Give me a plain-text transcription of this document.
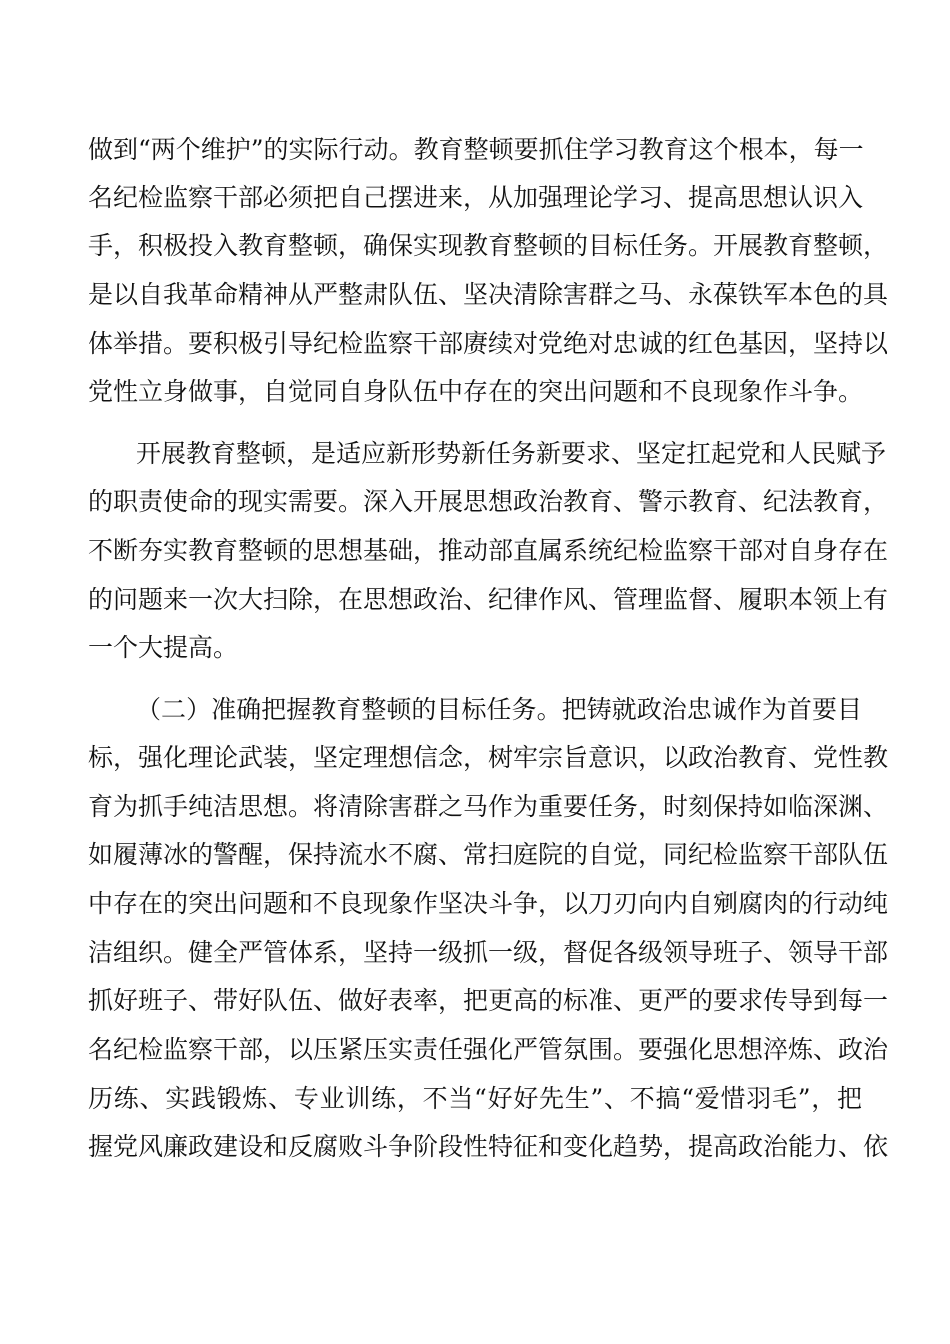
做到“两个维护”的实际行动。教育整顿要抓住学习教育这个根本，每一
名纪检监察干部必须把自己摆进来，从加强理论学习、提高思想认识入
手，积极投入教育整顿，确保实现教育整顿的目标任务。开展教育整顿，
是以自我革命精神从严整肃队伍、坚决清除害群之马、永葆铁军本色的具
体举措。要积极引导纪检监察干部赓续对党绝对忠诚的红色基因，坚持以
党性立身做事，自觉同自身队伍中存在的突出问题和不良现象作斗争。
开展教育整顿，是适应新形势新任务新要求、坚定扛起党和人民赋予
的职责使命的现实需要。深入开展思想政治教育、警示教育、纪法教育，
不断夯实教育整顿的思想基础，推动部直属系统纪检监察干部对自身存在
的问题来一次大扫除，在思想政治、纪律作风、管理监督、履职本领上有
一个大提高。
（二）准确把握教育整顿的目标任务。把铸就政治忠诚作为首要目
标，强化理论武装，坚定理想信念，树牢宗旨意识，以政治教育、党性教
育为抓手纯洁思想。将清除害群之马作为重要任务，时刻保持如临深渊、
如履薄冰的警醒，保持流水不腐、常扫庭院的自觉，同纪检监察干部队伍
中存在的突出问题和不良现象作坚决斗争，以刀刃向内自剜腐肉的行动纯
洁组织。健全严管体系，坚持一级抓一级，督促各级领导班子、领导干部
抓好班子、带好队伍、做好表率，把更高的标准、更严的要求传导到每一
名纪检监察干部，以压紧压实责任强化严管氛围。要强化思想淬炼、政治
历练、实践锻炼、专业训练，不当“好好先生”、不搞“爱惜羽毛”，把
握党风廉政建设和反腐败斗争阶段性特征和变化趋势，提高政治能力、依
